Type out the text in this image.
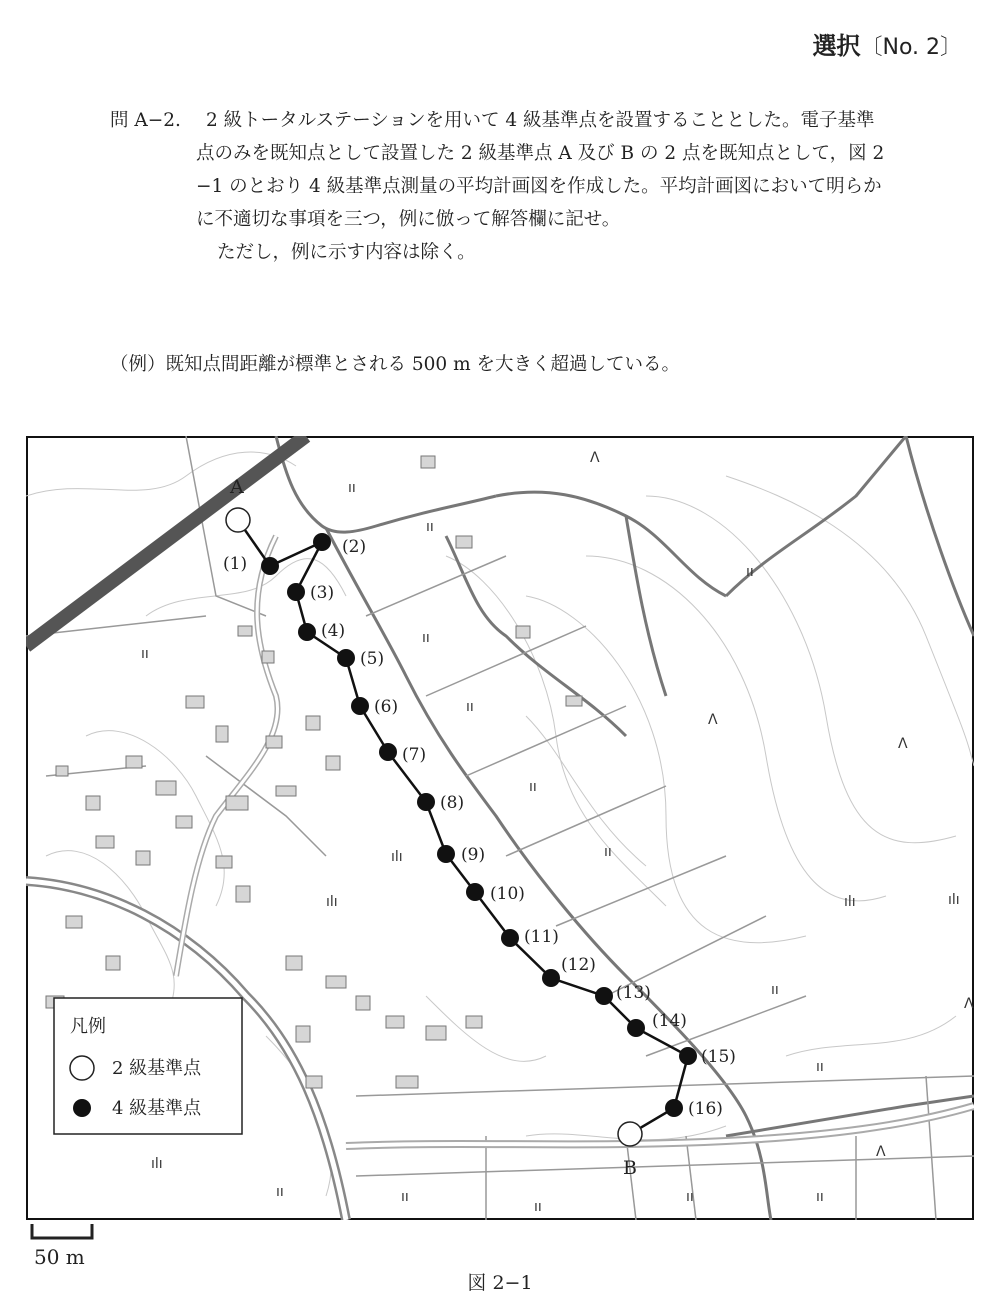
選択〔No. 2〕
問 A−2. 2 級トータルステーションを用いて 4 級基準点を設置することとした。電子基準
点のみを既知点として設置した 2 級基準点 A 及び B の 2 点を既知点として，図 2
−1 のとおり 4 級基準点測量の平均計画図を作成した。平均計画図において明らか
に不適切な事項を三つ，例に倣って解答欄に記せ。
ただし，例に示す内容は除く。
（例）既知点間距離が標準とされる 500 m を大きく超過している。
ıı
ıı
ıı
ıı
ıı
ıı
ıı
ıı
ıı
ıı
ıı	ıı
ıı
ıı	ıı
Λ
Λ
Λ
Λ
Λ
ılı
ılı
ılı
ılı
ılı
A
B
(1)
(2)
(3)
(4)
(5)
(6)
(7)
(8)
(9)
(10)
(11)
(12)
(13)
(14)
(15)
(16)
凡例
2 級基準点
4 級基準点
50 m
図 2−1
